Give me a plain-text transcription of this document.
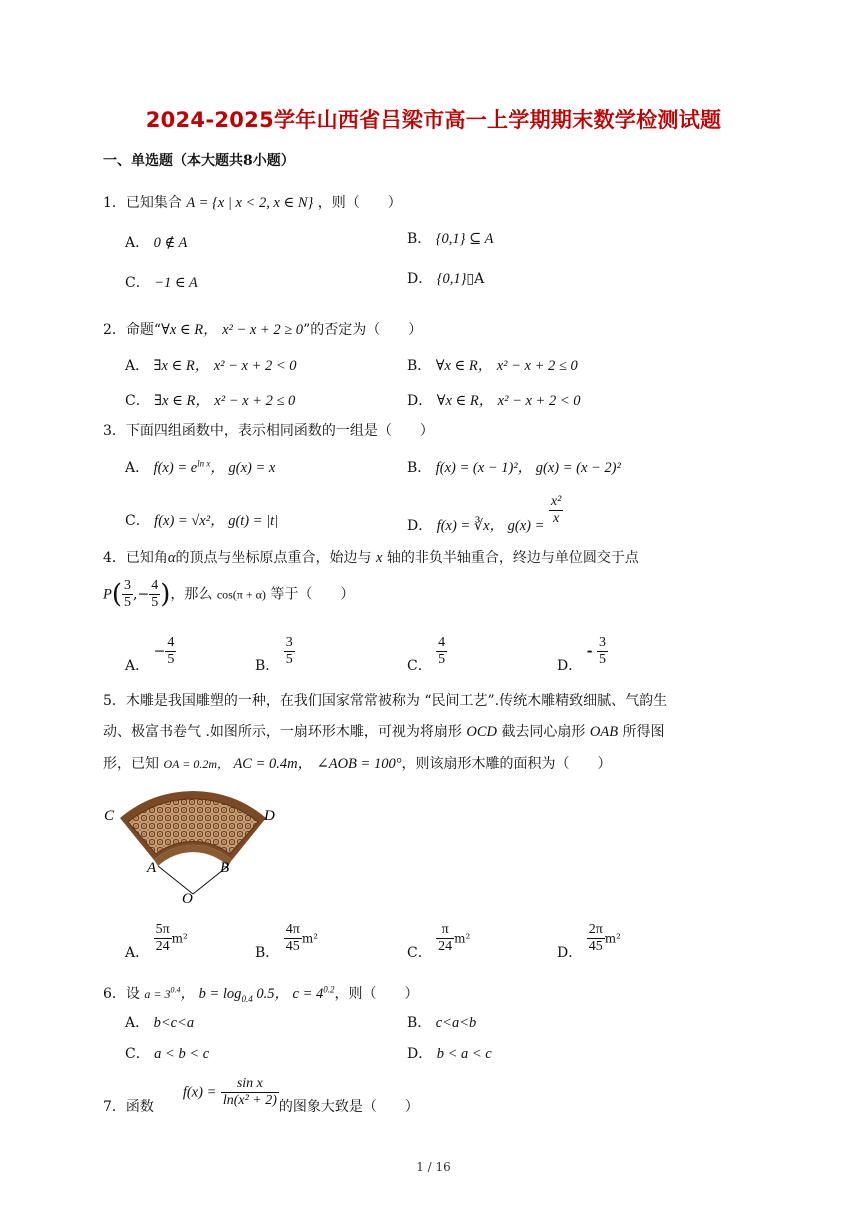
2024-2025学年山西省吕梁市高一上学期期末数学检测试题
一、单选题（本大题共8小题）
1．已知集合 A = {x | x < 2, x ∈ N} ，则（　　）
A． 0 ∉ A	B． {0,1} ⊆ A
C． −1 ∈ A	D． {0,1}▯A
2．命题“∀x ∈ R， x² − x + 2 ≥ 0”的否定为（　　）
A． ∃x ∈ R， x² − x + 2 < 0	B． ∀x ∈ R， x² − x + 2 ≤ 0
C． ∃x ∈ R， x² − x + 2 ≤ 0	D． ∀x ∈ R， x² − x + 2 < 0
3．下面四组函数中，表示相同函数的一组是（　　）
A． $f(x) = e^{ln x}$， g(x) = x	B． f(x) = (x − 1)²， g(x) = (x − 2)²
C． f(x) = √x²， g(t) = |t|	D． f(x) = ∛x， $g(x) = \frac{\text{x²}}{x}$
4．已知角α的顶点与坐标原点重合，始边与 x 轴的非负半轴重合，终边与单位圆交于点
$P( \frac{3}{5}$ ,− $\frac{4}{5}$ )，那么 cos(π + α) 等于（　　）
A． − $\frac{4}{5}$	B． $\frac{3}{5}$	C． $\frac{4}{5}$	D． - $\frac{3}{5}$
5．木雕是我国雕塑的一种，在我们国家常常被称为 “民间工艺”.传统木雕精致细腻、气韵生
动、极富书卷气 .如图所示，一扇环形木雕，可视为将扇形 OCD 截去同心扇形 OAB 所得图
形，已知 OA = 0.2m， AC = 0.4m， ∠AOB = 100°，则该扇形木雕的面积为（　　）
C	D
A	B
O
A． $\frac{5\pi}{24} m^2$
B． $\frac{4\pi}{45} m^2$
C． $\frac{\pi}{24} m^2$
D． $\frac{2\pi}{45} m^2$
6．设 $a = 3^{0.4}$， $b = \log_{0.4} 0.5$， $c = 4^{0.2}$，则（　　）
A． b<c<a	B． c<a<b
C． a < b < c	D． b < a < c
7．函数  $f(x) = \frac{\text{sin x}}{\text{ln(x² + 2)}}$ 的图象大致是（　　）
1 / 16
